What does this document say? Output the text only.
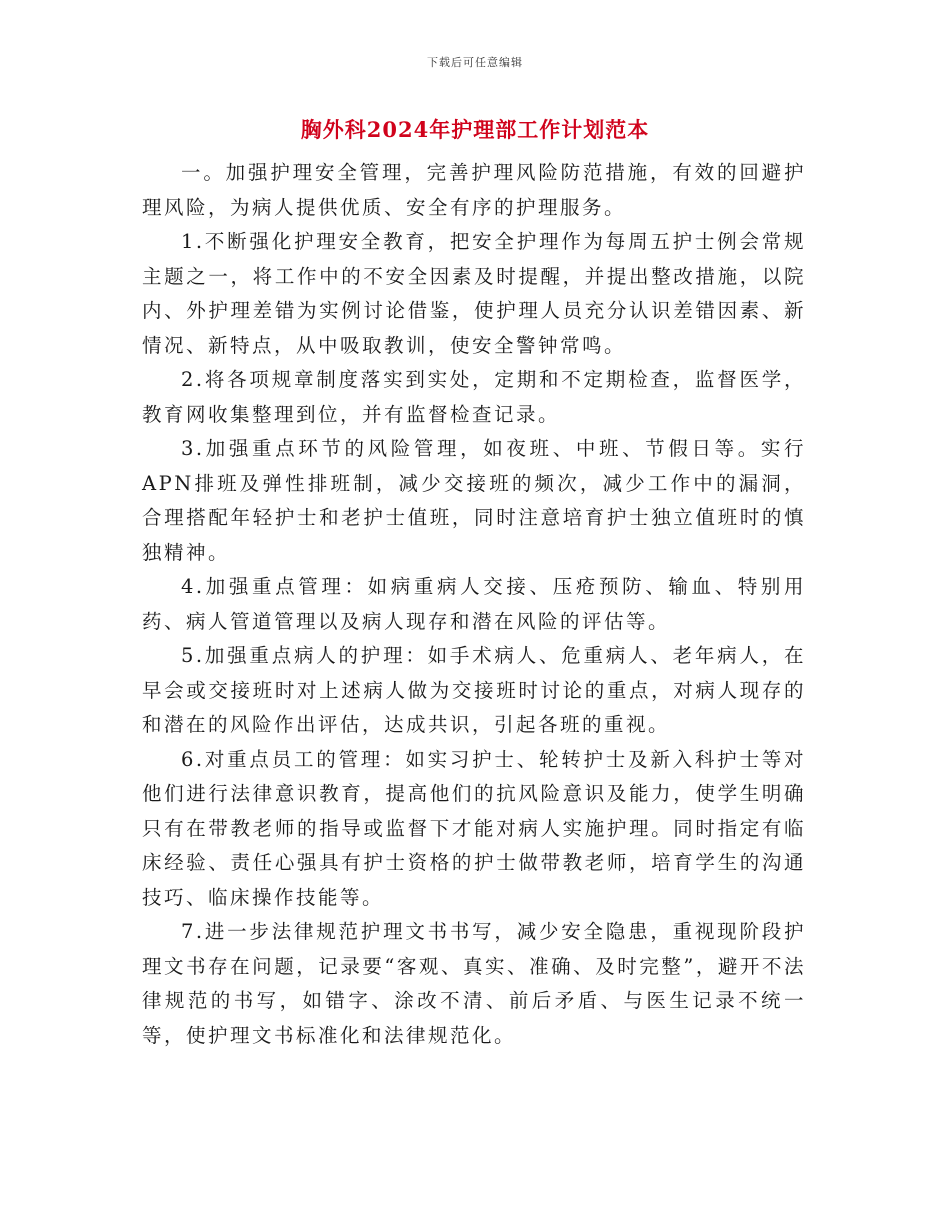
下载后可任意编辑
胸外科2024年护理部工作计划范本

一。加强护理安全管理，完善护理风险防范措施，有效的回避护理风险，为病人提供优质、安全有序的护理服务。

1.不断强化护理安全教育，把安全护理作为每周五护士例会常规主题之一，将工作中的不安全因素及时提醒，并提出整改措施，以院内、外护理差错为实例讨论借鉴，使护理人员充分认识差错因素、新情况、新特点，从中吸取教训，使安全警钟常鸣。

2.将各项规章制度落实到实处，定期和不定期检查，监督医学，教育网收集整理到位，并有监督检查记录。

3.加强重点环节的风险管理，如夜班、中班、节假日等。实行APN排班及弹性排班制，减少交接班的频次，减少工作中的漏洞，合理搭配年轻护士和老护士值班，同时注意培育护士独立值班时的慎独精神。

4.加强重点管理：如病重病人交接、压疮预防、输血、特别用药、病人管道管理以及病人现存和潜在风险的评估等。

5.加强重点病人的护理：如手术病人、危重病人、老年病人，在早会或交接班时对上述病人做为交接班时讨论的重点，对病人现存的和潜在的风险作出评估，达成共识，引起各班的重视。

6.对重点员工的管理：如实习护士、轮转护士及新入科护士等对他们进行法律意识教育，提高他们的抗风险意识及能力，使学生明确只有在带教老师的指导或监督下才能对病人实施护理。同时指定有临床经验、责任心强具有护士资格的护士做带教老师，培育学生的沟通技巧、临床操作技能等。

7.进一步法律规范护理文书书写，减少安全隐患，重视现阶段护理文书存在问题，记录要“客观、真实、准确、及时完整”，避开不法律规范的书写，如错字、涂改不清、前后矛盾、与医生记录不统一等，使护理文书标准化和法律规范化。
